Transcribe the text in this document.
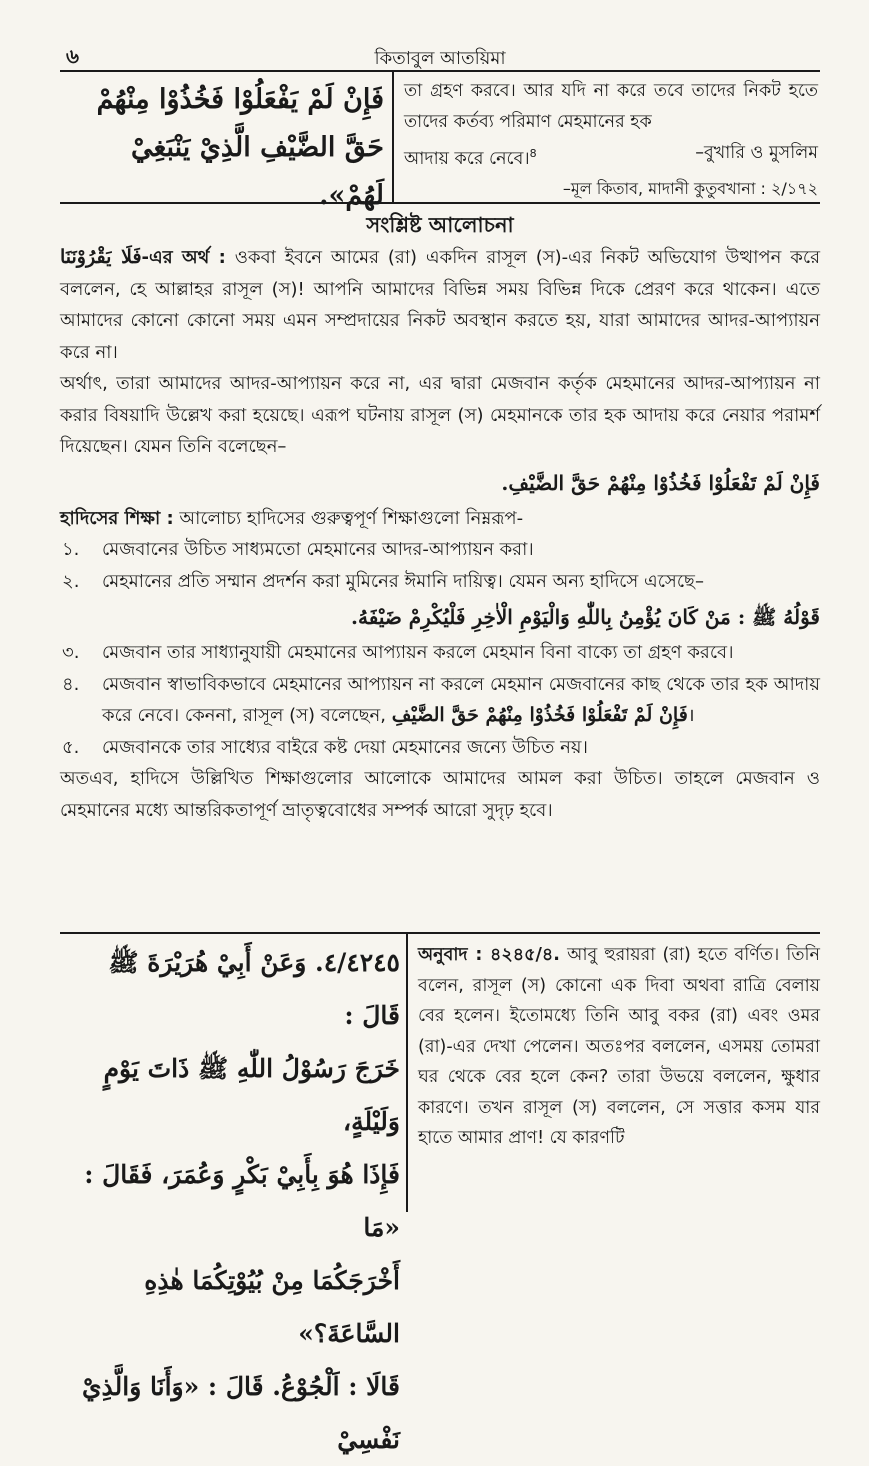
৬	কিতাবুল আতয়িমা
فَإِنْ لَمْ يَفْعَلُوْا فَخُذُوْا مِنْهُمْ حَقَّ الضَّيْفِ الَّذِيْ يَنْبَغِيْ لَهُمْ».
তা গ্রহণ করবে। আর যদি না করে তবে তাদের নিকট হতে তাদের কর্তব্য পরিমাণ মেহমানের হক
আদায় করে নেবে।$^8$	–বুখারি ও মুসলিম
–মূল কিতাব, মাদানী কুতুবখানা : ২/১৭২
সংশ্লিষ্ট আলোচনা
فَلَا يَقْرُوْنَنَا-এর অর্থ : ওকবা ইবনে আমের (রা) একদিন রাসূল (স)-এর নিকট অভিযোগ উত্থাপন করে বললেন, হে আল্লাহর রাসূল (স)! আপনি আমাদের বিভিন্ন সময় বিভিন্ন দিকে প্রেরণ করে থাকেন। এতে আমাদের কোনো কোনো সময় এমন সম্প্রদায়ের নিকট অবস্থান করতে হয়, যারা আমাদের আদর-আপ্যায়ন করে না।
অর্থাৎ, তারা আমাদের আদর-আপ্যায়ন করে না, এর দ্বারা মেজবান কর্তৃক মেহমানের আদর-আপ্যায়ন না করার বিষয়াদি উল্লেখ করা হয়েছে। এরূপ ঘটনায় রাসূল (স) মেহমানকে তার হক আদায় করে নেয়ার পরামর্শ দিয়েছেন। যেমন তিনি বলেছেন–
فَإِنْ لَمْ تَفْعَلُوْا فَخُذُوْا مِنْهُمْ حَقَّ الضَّيْفِ.
হাদিসের শিক্ষা : আলোচ্য হাদিসের গুরুত্বপূর্ণ শিক্ষাগুলো নিম্নরূপ-
১.	মেজবানের উচিত সাধ্যমতো মেহমানের আদর-আপ্যায়ন করা।
২.	মেহমানের প্রতি সম্মান প্রদর্শন করা মুমিনের ঈমানি দায়িত্ব। যেমন অন্য হাদিসে এসেছে–
قَوْلُهُ ﷺ : مَنْ كَانَ يُؤْمِنُ بِاللّٰهِ وَالْيَوْمِ الْاٰخِرِ فَلْيُكْرِمْ ضَيْفَهُ.
৩.	মেজবান তার সাধ্যানুযায়ী মেহমানের আপ্যায়ন করলে মেহমান বিনা বাক্যে তা গ্রহণ করবে।
৪.	মেজবান স্বাভাবিকভাবে মেহমানের আপ্যায়ন না করলে মেহমান মেজবানের কাছ থেকে তার হক আদায় করে নেবে। কেননা, রাসূল (স) বলেছেন, فَإِنْ لَمْ تَفْعَلُوْا فَخُذُوْا مِنْهُمْ حَقَّ الضَّيْفِ।
৫.	মেজবানকে তার সাধ্যের বাইরে কষ্ট দেয়া মেহমানের জন্যে উচিত নয়।
অতএব, হাদিসে উল্লিখিত শিক্ষাগুলোর আলোকে আমাদের আমল করা উচিত। তাহলে মেজবান ও মেহমানের মধ্যে আন্তরিকতাপূর্ণ ভ্রাতৃত্ববোধের সম্পর্ক আরো সুদৃঢ় হবে।
٤/٤٢٤٥. وَعَنْ أَبِيْ هُرَيْرَةَ ﷺ قَالَ :
خَرَجَ رَسُوْلُ اللّٰهِ ﷺ ذَاتَ يَوْمٍ وَلَيْلَةٍ،
فَإِذَا هُوَ بِأَبِيْ بَكْرٍ وَعُمَرَ، فَقَالَ : «مَا
أَخْرَجَكُمَا مِنْ بُيُوْتِكُمَا هٰذِهِ السَّاعَةَ؟»
قَالَا : اَلْجُوْعُ. قَالَ : «وَأَنَا وَالَّذِيْ نَفْسِيْ
অনুবাদ : ৪২৪৫/৪. আবু হুরায়রা (রা) হতে বর্ণিত। তিনি বলেন, রাসূল (স) কোনো এক দিবা অথবা রাত্রি বেলায় বের হলেন। ইতোমধ্যে তিনি আবু বকর (রা) এবং ওমর (রা)-এর দেখা পেলেন। অতঃপর বললেন, এসময় তোমরা ঘর থেকে বের হলে কেন? তারা উভয়ে বললেন, ক্ষুধার কারণে। তখন রাসূল (স) বললেন, সে সত্তার কসম যার হাতে আমার প্রাণ! যে কারণটি
